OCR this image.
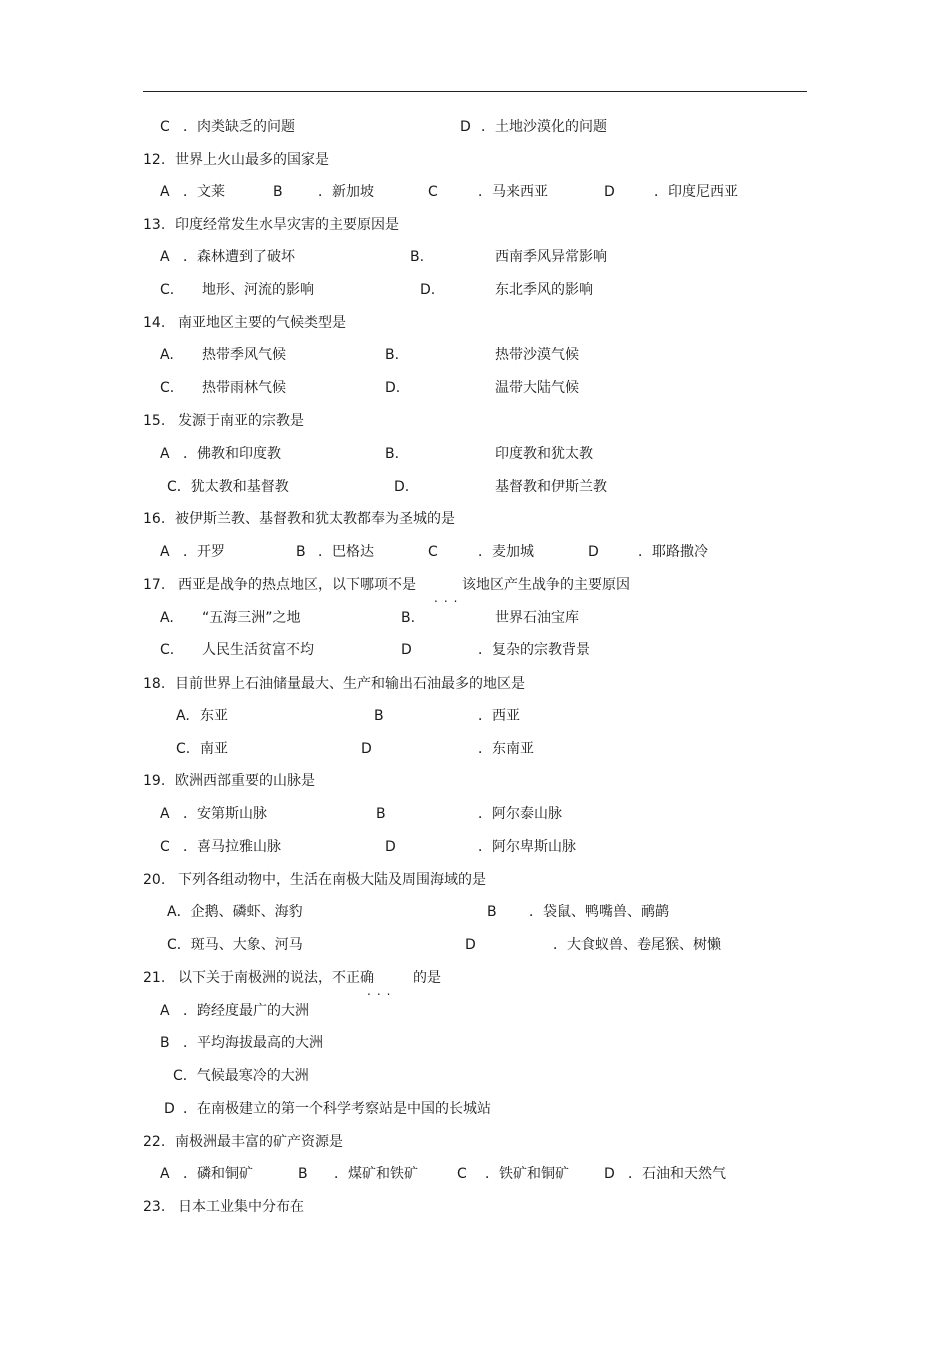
C ．肉类缺乏的问题	D ．土地沙漠化的问题
12. 世界上火山最多的国家是
A ．文莱	B	．新加坡	C	．马来西亚	D	．印度尼西亚
13. 印度经常发生水旱灾害的主要原因是
A ．森林遭到了破坏	B.	西南季风异常影响
C. 地形、河流的影响	D.	东北季风的影响
14. 南亚地区主要的气候类型是
A. 热带季风气候	B.	热带沙漠气候
C. 热带雨林气候	D.	温带大陆气候
15. 发源于南亚的宗教是
A ．佛教和印度教	B.	印度教和犹太教
C．犹太教和基督教	D.	基督教和伊斯兰教
16. 被伊斯兰教、基督教和犹太教都奉为圣城的是
A ．开罗	B ．巴格达	C	．麦加城	D	．耶路撒冷
17. 西亚是战争的热点地区，以下哪项不是	该地区产生战争的主要原因
A. “五海三洲”之地	B.	世界石油宝库
C. 人民生活贫富不均	D	．复杂的宗教背景
18. 目前世界上石油储量最大、生产和输出石油最多的地区是
A. 东亚	B	．西亚
C. 南亚	D	．东南亚
19. 欧洲西部重要的山脉是
A ．安第斯山脉	B	．阿尔泰山脉
C ．喜马拉雅山脉	D	．阿尔卑斯山脉
20. 下列各组动物中，生活在南极大陆及周围海域的是
A．企鹅、磷虾、海豹	B ．袋鼠、鸭嘴兽、鸸鹋
C．斑马、大象、河马	D	．大食蚁兽、卷尾猴、树懒
21. 以下关于南极洲的说法，不正确	的是
A ．跨经度最广的大洲
B ．平均海拔最高的大洲
C．气候最寒冷的大洲
D ．在南极建立的第一个科学考察站是中国的长城站
22. 南极洲最丰富的矿产资源是
A ．磷和铜矿	B ．煤矿和铁矿	C ．铁矿和铜矿	D ．石油和天然气
23. 日本工业集中分布在
...
...
